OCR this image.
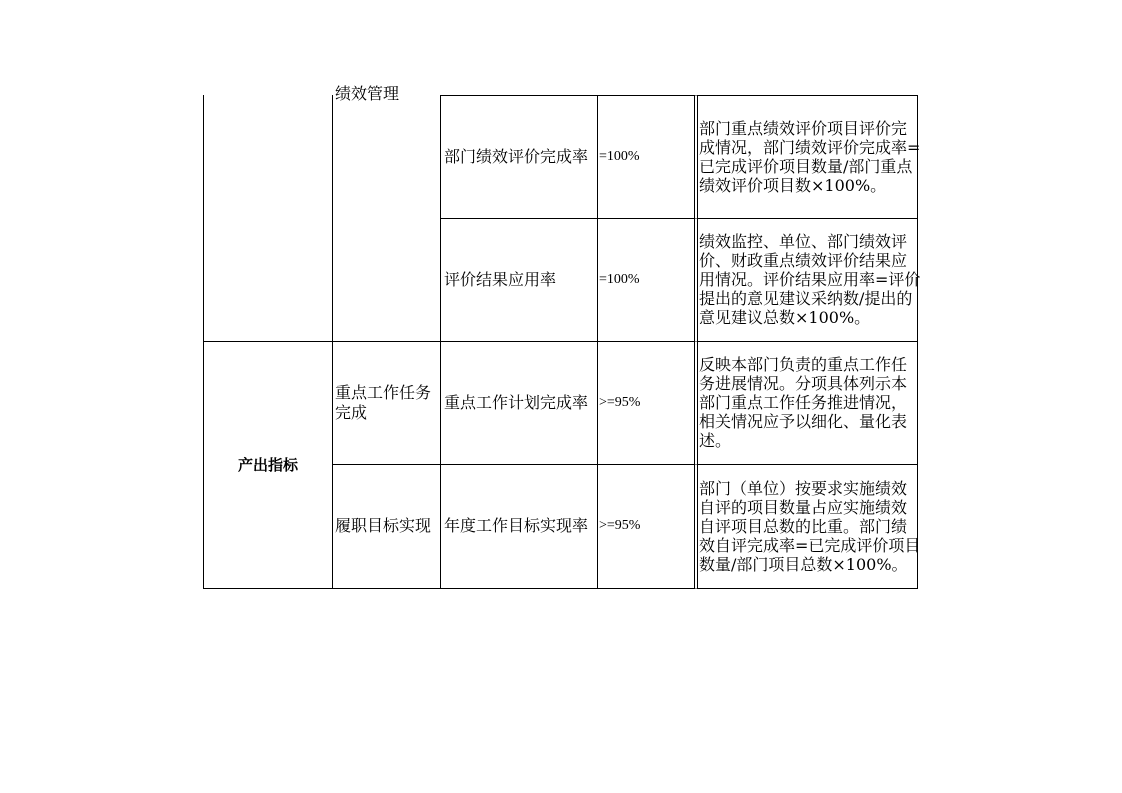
产出指标
绩效管理
重点工作任务
完成
履职目标实现
部门绩效评价完成率
评价结果应用率
重点工作计划完成率
年度工作目标实现率
=100%
=100%
>=95%
>=95%
部门重点绩效评价项目评价完
成情况，部门绩效评价完成率=
已完成评价项目数量/部门重点
绩效评价项目数×100%。
绩效监控、单位、部门绩效评
价、财政重点绩效评价结果应
用情况。评价结果应用率=评价
提出的意见建议采纳数/提出的
意见建议总数×100%。
反映本部门负责的重点工作任
务进展情况。分项具体列示本
部门重点工作任务推进情况，
相关情况应予以细化、量化表
述。
部门（单位）按要求实施绩效
自评的项目数量占应实施绩效
自评项目总数的比重。部门绩
效自评完成率=已完成评价项目
数量/部门项目总数×100%。
